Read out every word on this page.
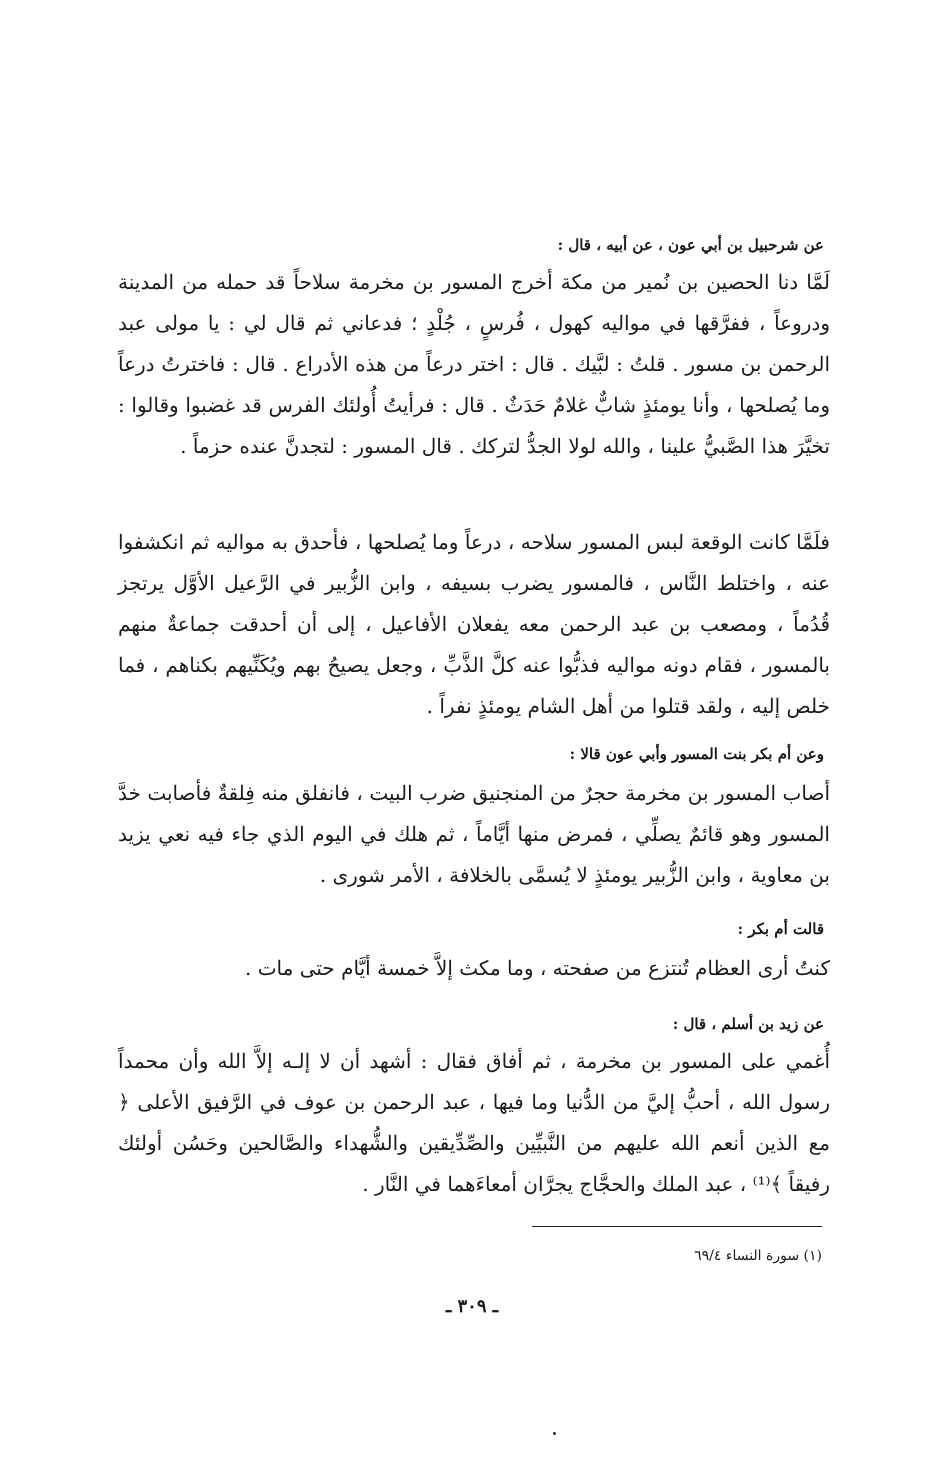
عن شرحبيل بن أبي عون ، عن أبيه ، قال :
لَمَّا دنا الحصين بن نُمير من مكة أخرج المسور بن مخرمة سلاحاً قد حمله من المدينة ودروعاً ، ففرَّقها في مواليه كهول ، فُرسٍ ، جُلْدٍ ؛ فدعاني ثم قال لي : يا مولى عبد الرحمن بن مسور . قلتُ : لبَّيك . قال : اختر درعاً من هذه الأدراع . قال : فاخترتُ درعاً وما يُصلحها ، وأنا يومئذٍ شابٌّ غلامٌ حَدَثٌ . قال : فرأيتُ أُولئك الفرس قد غضبوا وقالوا : تخيَّرَ هذا الصَّبيُّ علينا ، والله لولا الجدُّ لتركك . قال المسور : لتجدنَّ عنده حزماً .
فلَمَّا كانت الوقعة لبس المسور سلاحه ، درعاً وما يُصلحها ، فأحدق به مواليه ثم انكشفوا عنه ، واختلط النَّاس ، فالمسور يضرب بسيفه ، وابن الزُّبير في الرَّعيل الأوَّل يرتجز قُدُماً ، ومصعب بن عبد الرحمن معه يفعلان الأفاعيل ، إلى أن أحدقت جماعةٌ منهم بالمسور ، فقام دونه مواليه فذبُّوا عنه كلَّ الذَّبِّ ، وجعل يصيحُ بهم ويُكَنِّيهم بكناهم ، فما خلص إليه ، ولقد قتلوا من أهل الشام يومئذٍ نفراً .
وعن أم بكر بنت المسور وأبي عون قالا :
أصاب المسور بن مخرمة حجرٌ من المنجنيق ضرب البيت ، فانفلق منه فِلقةٌ فأصابت خدَّ المسور وهو قائمٌ يصلِّي ، فمرض منها أيَّاماً ، ثم هلك في اليوم الذي جاء فيه نعي يزيد بن معاوية ، وابن الزُّبير يومئذٍ لا يُسمَّى بالخلافة ، الأمر شورى .
قالت أم بكر :
كنتُ أرى العظام تُنتزع من صفحته ، وما مكث إلاَّ خمسة أيَّام حتى مات .
عن زيد بن أسلم ، قال :
أُغمي على المسور بن مخرمة ، ثم أفاق فقال : أشهد أن لا إلـه إلاَّ الله وأن محمداً رسول الله ، أحبُّ إليَّ من الدُّنيا وما فيها ، عبد الرحمن بن عوف في الرَّفيق الأعلى ﴿ مع الذين أنعم الله عليهم من النَّبيِّين والصِّدِّيقين والشُّهداء والصَّالحين وحَسُن أولئك رفيقاً ﴾⁽¹⁾ ، عبد الملك والحجَّاج يجرَّان أمعاءَهما في النَّار .
(١) سورة النساء ٦٩/٤
ـ ٣٠٩ ـ
